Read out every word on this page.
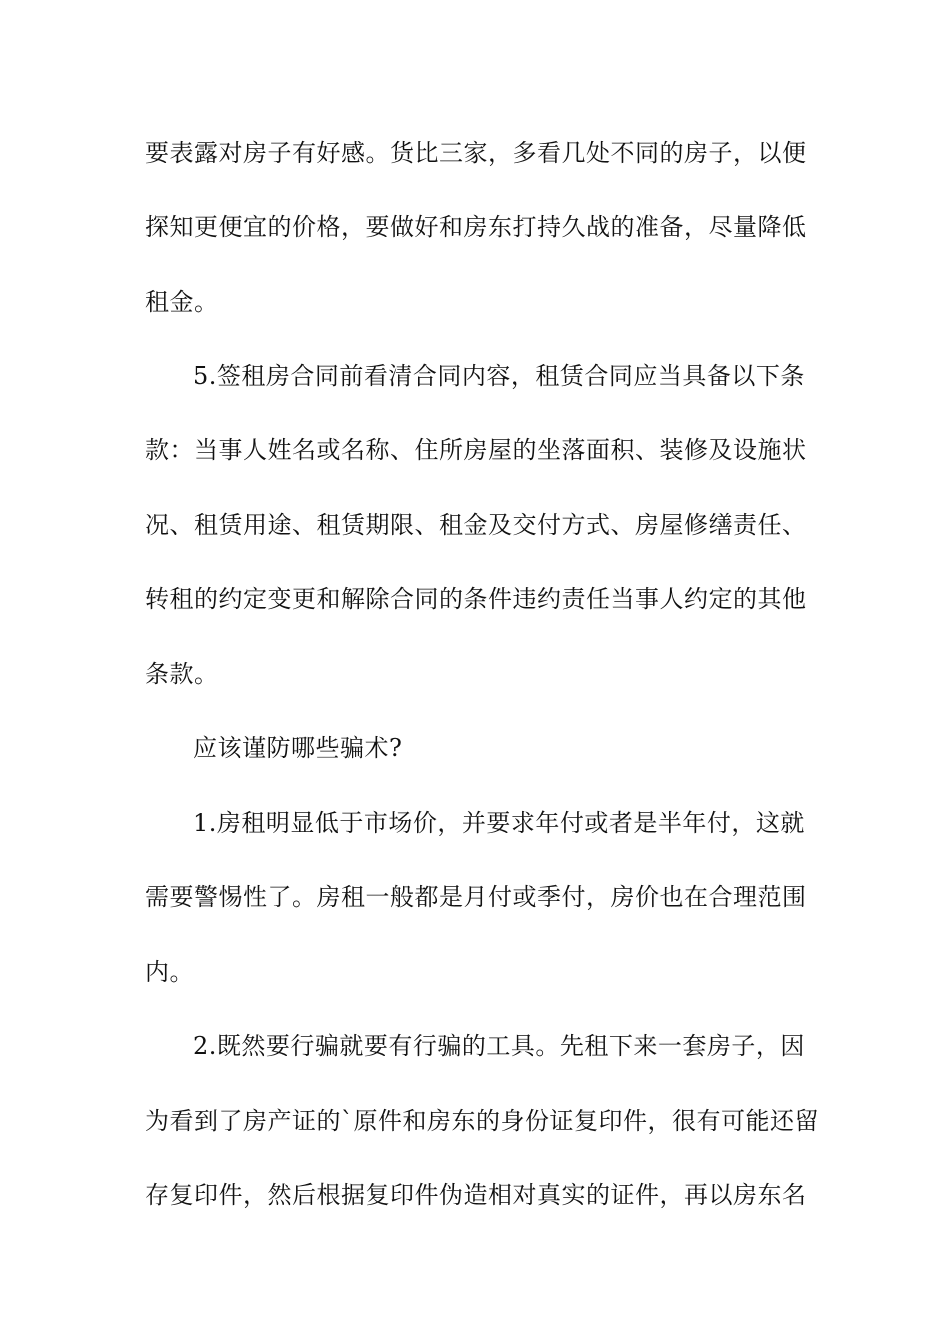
要表露对房子有好感。货比三家，多看几处不同的房子，以便
探知更便宜的价格，要做好和房东打持久战的准备，尽量降低
租金。
5.签租房合同前看清合同内容，租赁合同应当具备以下条
款：当事人姓名或名称、住所房屋的坐落面积、装修及设施状
况、租赁用途、租赁期限、租金及交付方式、房屋修缮责任、
转租的约定变更和解除合同的条件违约责任当事人约定的其他
条款。
应该谨防哪些骗术?
1.房租明显低于市场价，并要求年付或者是半年付，这就
需要警惕性了。房租一般都是月付或季付，房价也在合理范围
内。
2.既然要行骗就要有行骗的工具。先租下来一套房子，因
为看到了房产证的`原件和房东的身份证复印件，很有可能还留
存复印件，然后根据复印件伪造相对真实的证件，再以房东名
